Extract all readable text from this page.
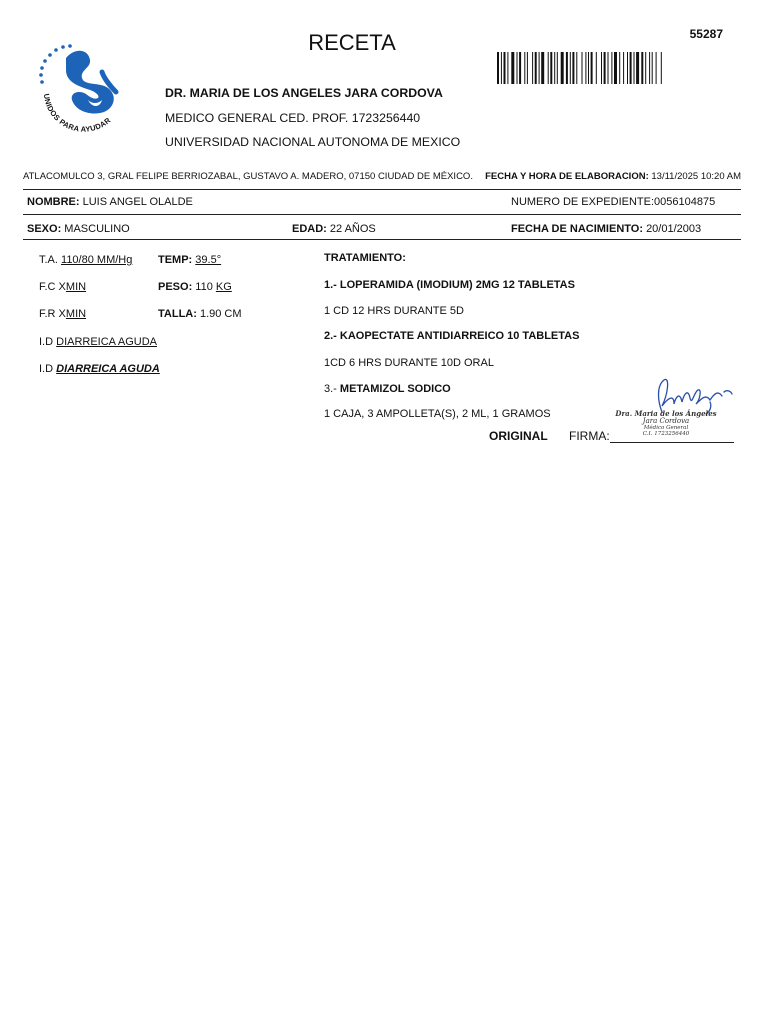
RECETA	55287
UNIDOS PARA AYUDAR
DR. MARIA DE LOS ANGELES JARA CORDOVA
MEDICO GENERAL CED. PROF. 1723256440
UNIVERSIDAD NACIONAL AUTONOMA DE MEXICO
ATLACOMULCO 3, GRAL FELIPE BERRIOZABAL, GUSTAVO A. MADERO, 07150 CIUDAD DE MÉXICO. FECHA Y HORA DE ELABORACION: 13/11/2025 10:20 AM
NOMBRE: LUIS ANGEL OLALDE	NUMERO DE EXPEDIENTE:0056104875
SEXO: MASCULINO	EDAD: 22 AÑOS	FECHA DE NACIMIENTO: 20/01/2003
T.A. 110/80 MM/Hg TEMP: 39.5°
F.C XMIN	PESO: 110 KG
F.R XMIN	TALLA: 1.90 CM
I.D DIARREICA AGUDA
I.D DIARREICA AGUDA
TRATAMIENTO:
1.- LOPERAMIDA (IMODIUM) 2MG 12 TABLETAS
1 CD 12 HRS DURANTE 5D
2.- KAOPECTATE ANTIDIARREICO 10 TABLETAS
1CD 6 HRS DURANTE 10D ORAL
3.- METAMIZOL SODICO
1 CAJA, 3 AMPOLLETA(S), 2 ML, 1 GRAMOS	Dra. Maria de los Ángeles
Jara Cordova
Médico General
C.I. 1723256440
ORIGINAL FIRMA:
